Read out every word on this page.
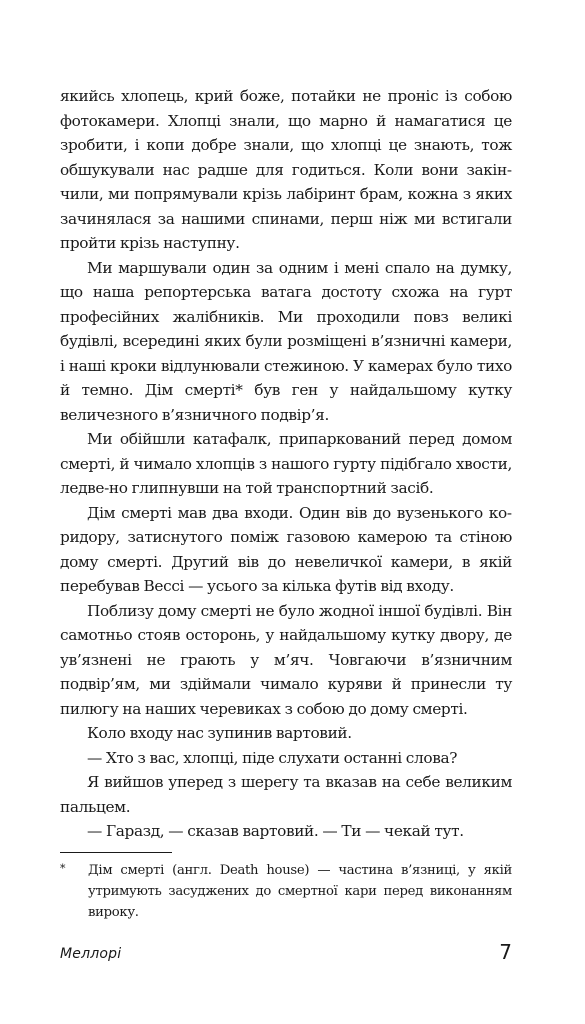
якийсь хлопець, крий боже, потайки не проніс із собою фотокамери. Хлопці знали, що марно й намагатися це зробити, і копи добре знали, що хлопці це знають, тож обшукували нас радше для годиться. Коли вони закінчили, ми попрямували крізь лабіринт брам, кожна з яких зачинялася за нашими спинами, перш ніж ми встигали пройти крізь наступну.

Ми маршували один за одним і мені спало на думку, що наша репортерська ватага достоту схожа на гурт професійних жалібників. Ми проходили повз великі будівлі, всередині яких були розміщені в’язничні камери, і наші кроки відлунювали стежиною. У камерах було тихо й темно. Дім смерті* був ген у найдальшому кутку величезного в’язничного подвір’я.

Ми обійшли катафалк, припаркований перед домом смерті, й чимало хлопців з нашого гурту підібгало хвости, ледве-но глипнувши на той транспортний засіб.

Дім смерті мав два входи. Один вів до вузенького коридору, затиснутого поміж газовою камерою та стіною дому смерті. Другий вів до невеличкої камери, в якій перебував Вессі — усього за кілька футів від входу.

Поблизу дому смерті не було жодної іншої будівлі. Він самотньо стояв осторонь, у найдальшому кутку двору, де ув’язнені не грають у м’яч. Човгаючи в’язничним подвір’ям, ми здіймали чимало куряви й принесли ту пилюгу на наших черевиках з собою до дому смерті.

Коло входу нас зупинив вартовий.

— Хто з вас, хлопці, піде слухати останні слова?

Я вийшов уперед з шерегу та вказав на себе великим пальцем.

— Гаразд, — сказав вартовий. — Ти — чекай тут.

* Дім смерті (англ. Death house) — частина в’язниці, у якій утримують засуджених до смертної кари перед виконанням вироку.
Меллорі	7
